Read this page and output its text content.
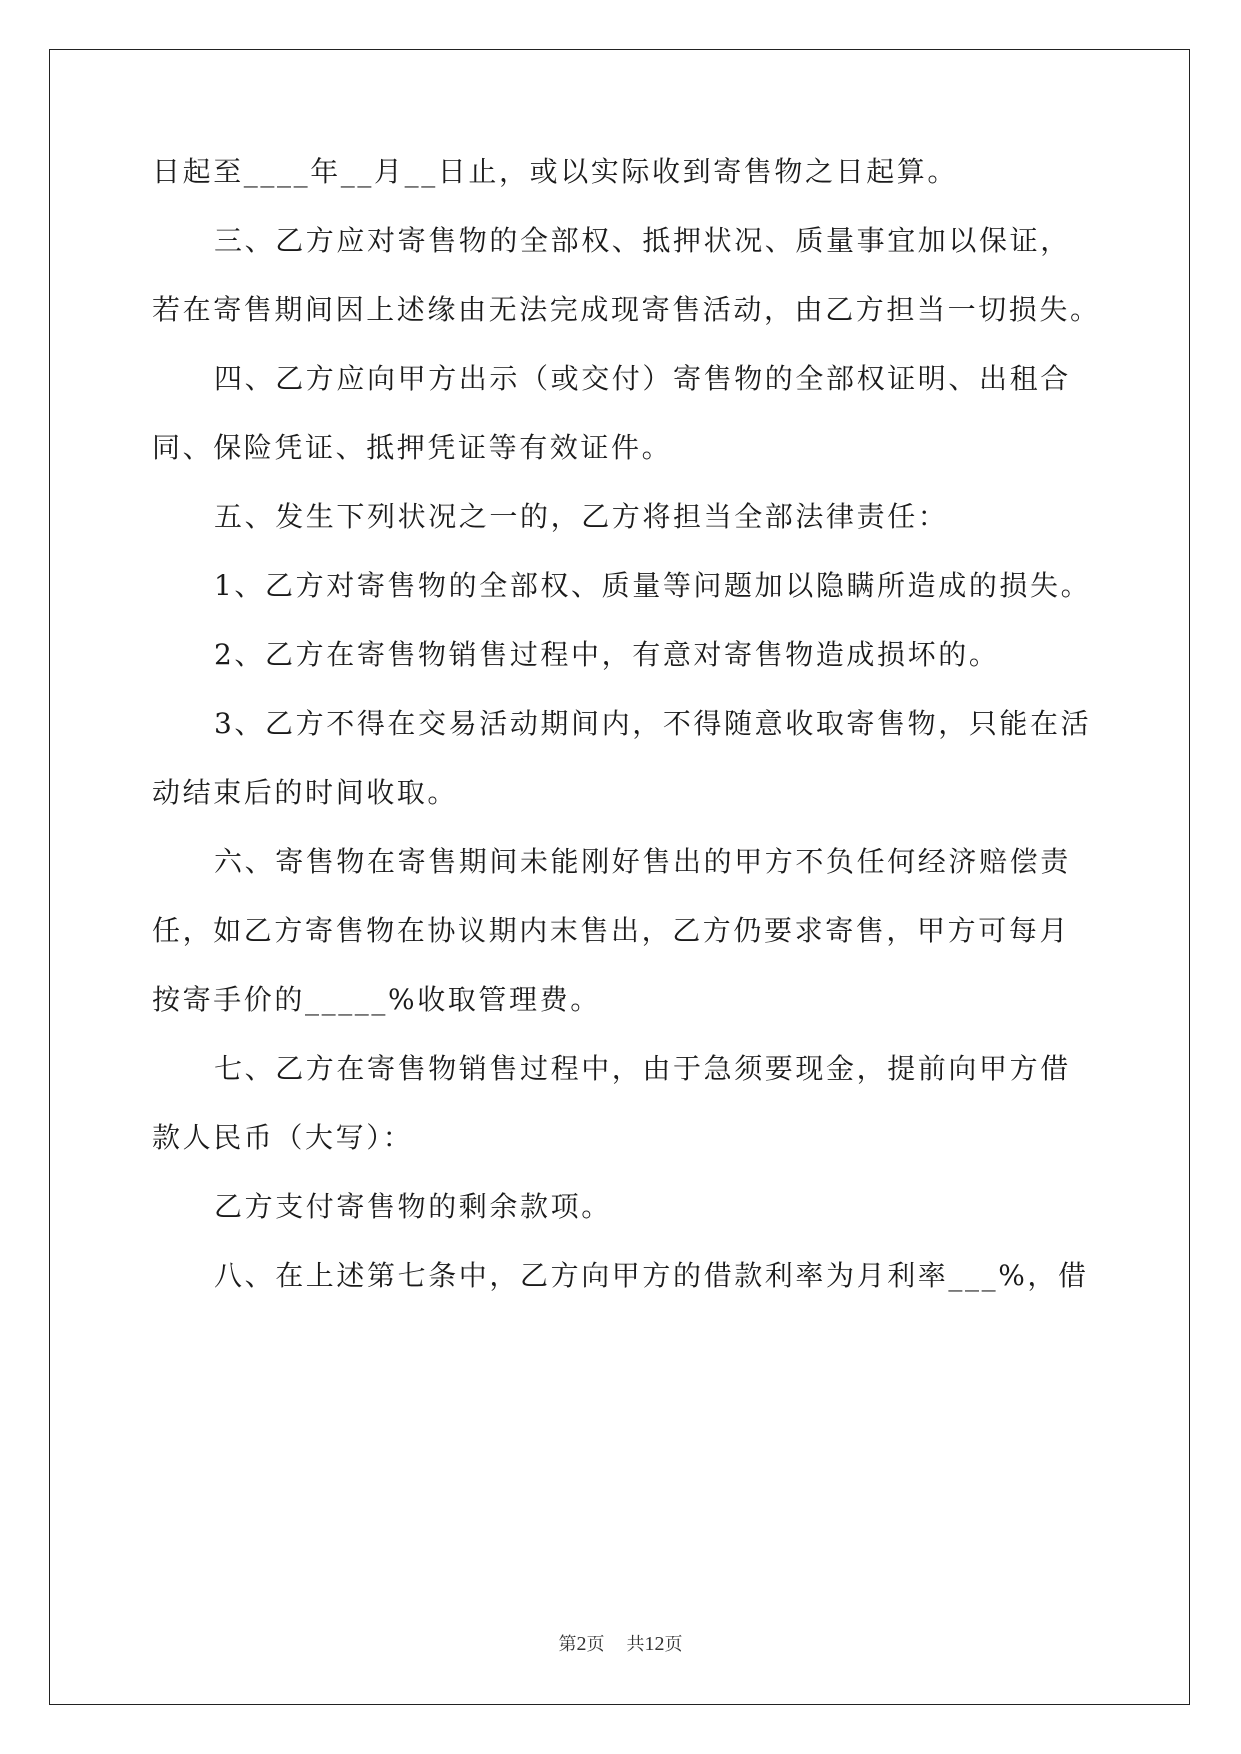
日起至____年__月__日止，或以实际收到寄售物之日起算。
三、乙方应对寄售物的全部权、抵押状况、质量事宜加以保证，
若在寄售期间因上述缘由无法完成现寄售活动，由乙方担当一切损失。
四、乙方应向甲方出示（或交付）寄售物的全部权证明、出租合
同、保险凭证、抵押凭证等有效证件。
五、发生下列状况之一的，乙方将担当全部法律责任：
1、乙方对寄售物的全部权、质量等问题加以隐瞒所造成的损失。
2、乙方在寄售物销售过程中，有意对寄售物造成损坏的。
3、乙方不得在交易活动期间内，不得随意收取寄售物，只能在活
动结束后的时间收取。
六、寄售物在寄售期间未能刚好售出的甲方不负任何经济赔偿责
任，如乙方寄售物在协议期内末售出，乙方仍要求寄售，甲方可每月
按寄手价的_____%收取管理费。
七、乙方在寄售物销售过程中，由于急须要现金，提前向甲方借
款人民币（大写）：
乙方支付寄售物的剩余款项。
八、在上述第七条中，乙方向甲方的借款利率为月利率___%，借
第2页 共12页
